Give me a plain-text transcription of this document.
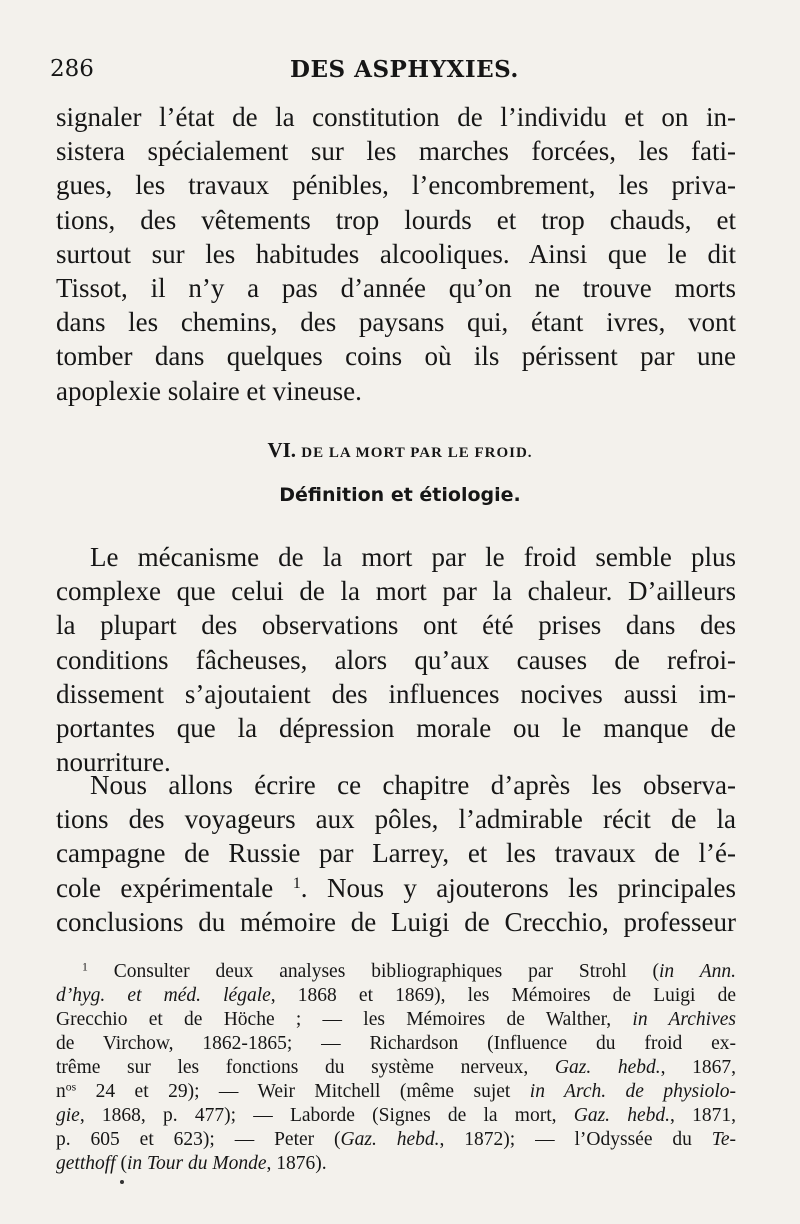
286	DES ASPHYXIES.
signaler l’état de la constitution de l’individu et on in-
sistera spécialement sur les marches forcées, les fati-
gues, les travaux pénibles, l’encombrement, les priva-
tions, des vêtements trop lourds et trop chauds, et
surtout sur les habitudes alcooliques. Ainsi que le dit
Tissot, il n’y a pas d’année qu’on ne trouve morts
dans les chemins, des paysans qui, étant ivres, vont
tomber dans quelques coins où ils périssent par une
apoplexie solaire et vineuse.
VI. DE LA MORT PAR LE FROID.
Définition et étiologie.
Le mécanisme de la mort par le froid semble plus
complexe que celui de la mort par la chaleur. D’ailleurs
la plupart des observations ont été prises dans des
conditions fâcheuses, alors qu’aux causes de refroi-
dissement s’ajoutaient des influences nocives aussi im-
portantes que la dépression morale ou le manque de
nourriture.
Nous allons écrire ce chapitre d’après les observa-
tions des voyageurs aux pôles, l’admirable récit de la
campagne de Russie par Larrey, et les travaux de l’é-
cole expérimentale $^1$. Nous y ajouterons les principales
conclusions du mémoire de Luigi de Crecchio, professeur
$^1$ Consulter deux analyses bibliographiques par Strohl (in Ann.
d’hyg. et méd. légale, 1868 et 1869), les Mémoires de Luigi de
Grecchio et de Höche ; — les Mémoires de Walther, in Archives
de Virchow, 1862-1865; — Richardson (Influence du froid ex-
trême sur les fonctions du système nerveux, Gaz. hebd., 1867,
$n^{os}$ 24 et 29); — Weir Mitchell (même sujet in Arch. de physiolo-
gie, 1868, p. 477); — Laborde (Signes de la mort, Gaz. hebd., 1871,
p. 605 et 623); — Peter (Gaz. hebd., 1872); — l’Odyssée du Te-
getthoff (in Tour du Monde, 1876).
